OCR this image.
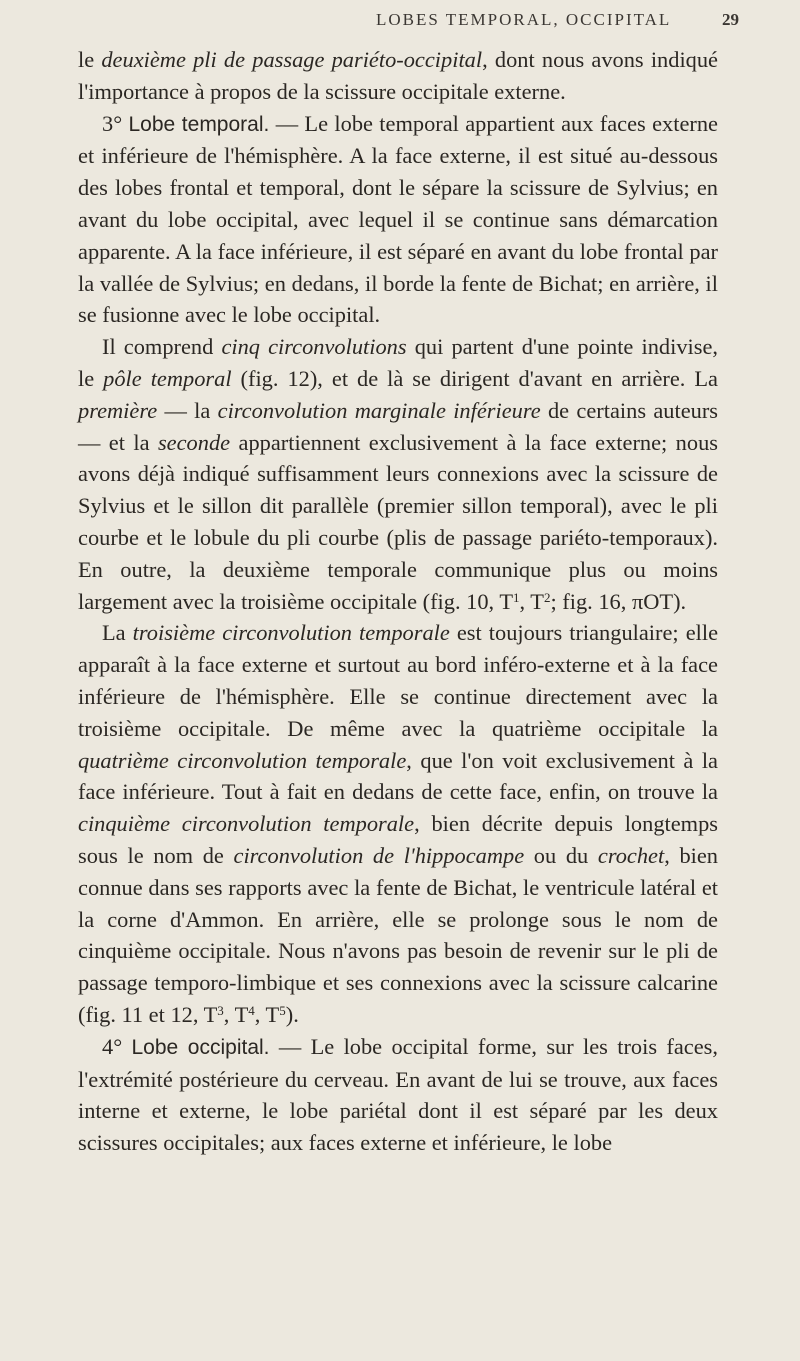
LOBES TEMPORAL, OCCIPITAL	29

le deuxième pli de passage pariéto-occipital, dont nous avons indiqué l'importance à propos de la scissure occipitale externe.

3° Lobe temporal. — Le lobe temporal appartient aux faces externe et inférieure de l'hémisphère. A la face externe, il est situé au-dessous des lobes frontal et temporal, dont le sépare la scissure de Sylvius; en avant du lobe occipital, avec lequel il se continue sans démarcation apparente. A la face inférieure, il est séparé en avant du lobe frontal par la vallée de Sylvius; en dedans, il borde la fente de Bichat; en arrière, il se fusionne avec le lobe occipital.

Il comprend cinq circonvolutions qui partent d'une pointe indivise, le pôle temporal (fig. 12), et de là se dirigent d'avant en arrière. La première — la circonvolution marginale inférieure de certains auteurs — et la seconde appartiennent exclusivement à la face externe; nous avons déjà indiqué suffisamment leurs connexions avec la scissure de Sylvius et le sillon dit parallèle (premier sillon temporal), avec le pli courbe et le lobule du pli courbe (plis de passage pariéto-temporaux). En outre, la deuxième temporale communique plus ou moins largement avec la troisième occipitale (fig. 10, $T^1$, $T^2$; fig. 16, πOT).

La troisième circonvolution temporale est toujours triangulaire; elle apparaît à la face externe et surtout au bord inféro-externe et à la face inférieure de l'hémisphère. Elle se continue directement avec la troisième occipitale. De même avec la quatrième occipitale la quatrième circonvolution temporale, que l'on voit exclusivement à la face inférieure. Tout à fait en dedans de cette face, enfin, on trouve la cinquième circonvolution temporale, bien décrite depuis longtemps sous le nom de circonvolution de l'hippocampe ou du crochet, bien connue dans ses rapports avec la fente de Bichat, le ventricule latéral et la corne d'Ammon. En arrière, elle se prolonge sous le nom de cinquième occipitale. Nous n'avons pas besoin de revenir sur le pli de passage temporo-limbique et ses connexions avec la scissure calcarine (fig. 11 et 12, $T^3$, $T^4$, $T^5$).

4° Lobe occipital. — Le lobe occipital forme, sur les trois faces, l'extrémité postérieure du cerveau. En avant de lui se trouve, aux faces interne et externe, le lobe pariétal dont il est séparé par les deux scissures occipitales; aux faces externe et inférieure, le lobe
